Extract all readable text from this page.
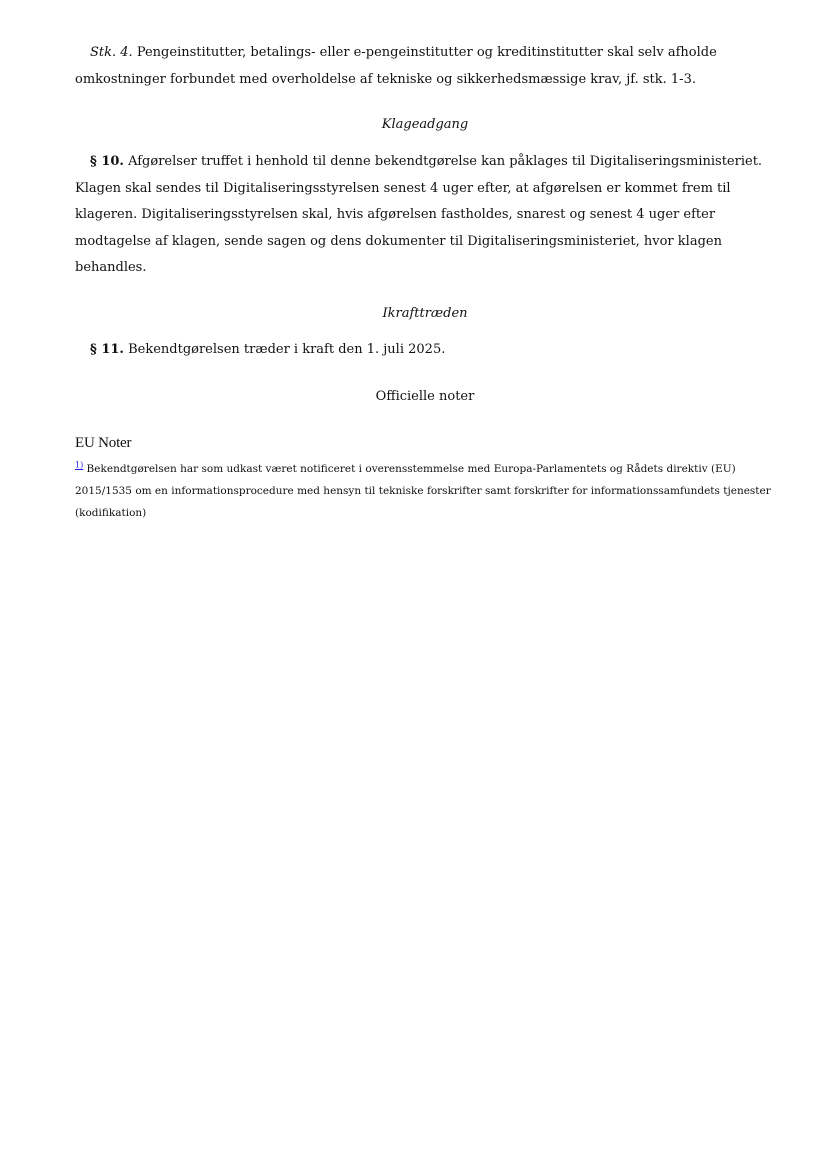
Stk. 4. Pengeinstitutter, betalings- eller e-pengeinstitutter og kreditinstitutter skal selv afholde omkostninger forbundet med overholdelse af tekniske og sikkerhedsmæssige krav, jf. stk. 1-3.

Klageadgang

§ 10. Afgørelser truffet i henhold til denne bekendtgørelse kan påklages til Digitaliseringsministeriet. Klagen skal sendes til Digitaliseringsstyrelsen senest 4 uger efter, at afgørelsen er kommet frem til klageren. Digitaliseringsstyrelsen skal, hvis afgørelsen fastholdes, snarest og senest 4 uger efter modtagelse af klagen, sende sagen og dens dokumenter til Digitaliseringsministeriet, hvor klagen behandles.

Ikrafttræden

§ 11. Bekendtgørelsen træder i kraft den 1. juli 2025.

Officielle noter

EU Noter

$^{1)}$ Bekendtgørelsen har som udkast været notificeret i overensstemmelse med Europa-Parlamentets og Rådets direktiv (EU) 2015/1535 om en informationsprocedure med hensyn til tekniske forskrifter samt forskrifter for informationssamfundets tjenester (kodifikation)
